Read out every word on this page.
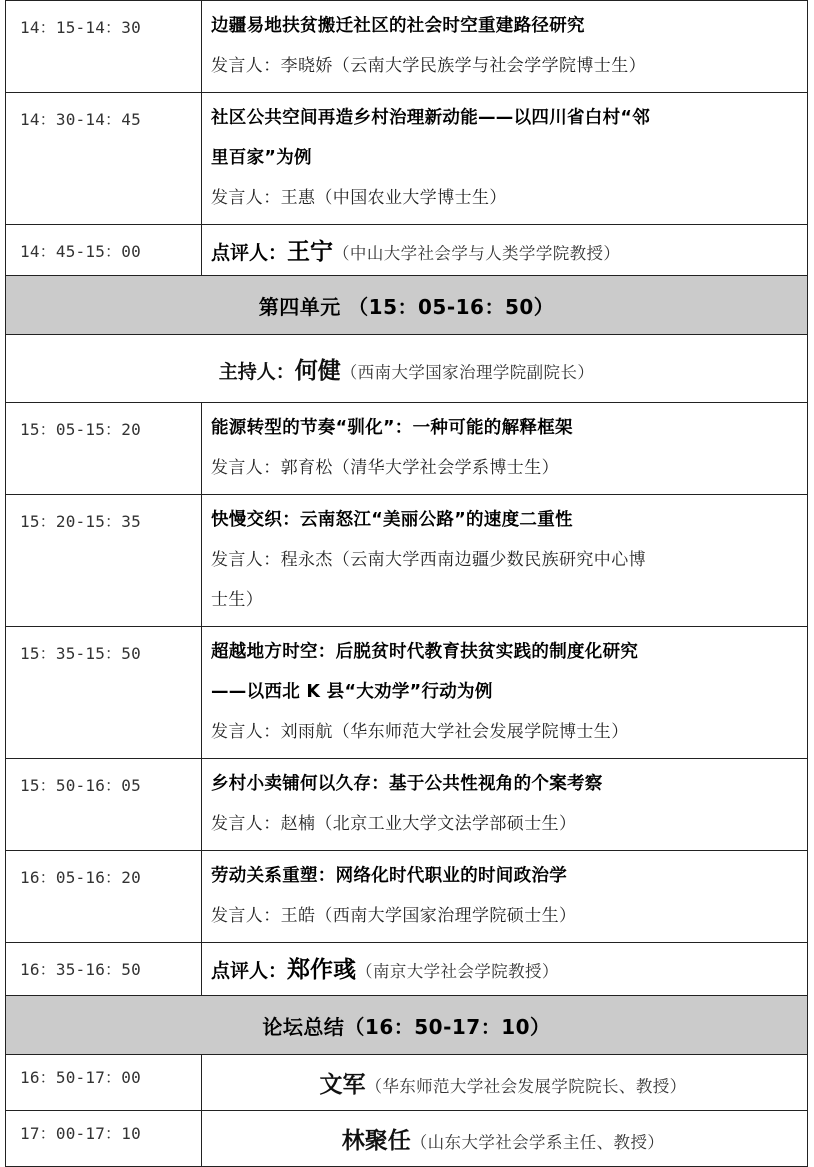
14：15-14：30	边疆易地扶贫搬迁社区的社会时空重建路径研究
发言人：李晓娇（云南大学民族学与社会学学院博士生）

14：30-14：45	社区公共空间再造乡村治理新动能——以四川省白村“邻
里百家”为例
发言人：王惠（中国农业大学博士生）

14：45-15：00	点评人：王宁（中山大学社会学与人类学学院教授）
第四单元 （15：05-16：50）	
主持人：何健（西南大学国家治理学院副院长）	
15：05-15：20	能源转型的节奏“驯化”：一种可能的解释框架
发言人：郭育松（清华大学社会学系博士生）

15：20-15：35	快慢交织：云南怒江“美丽公路”的速度二重性
发言人：程永杰（云南大学西南边疆少数民族研究中心博
士生）

15：35-15：50	超越地方时空：后脱贫时代教育扶贫实践的制度化研究
——以西北 K 县“大劝学”行动为例
发言人：刘雨航（华东师范大学社会发展学院博士生）

15：50-16：05	乡村小卖铺何以久存：基于公共性视角的个案考察
发言人：赵楠（北京工业大学文法学部硕士生）

16：05-16：20	劳动关系重塑：网络化时代职业的时间政治学
发言人：王皓（西南大学国家治理学院硕士生）

16：35-16：50	点评人：郑作彧（南京大学社会学院教授）
论坛总结（16：50-17：10）	
16：50-17：00	文军（华东师范大学社会发展学院院长、教授）
17：00-17：10	林聚任（山东大学社会学系主任、教授）
